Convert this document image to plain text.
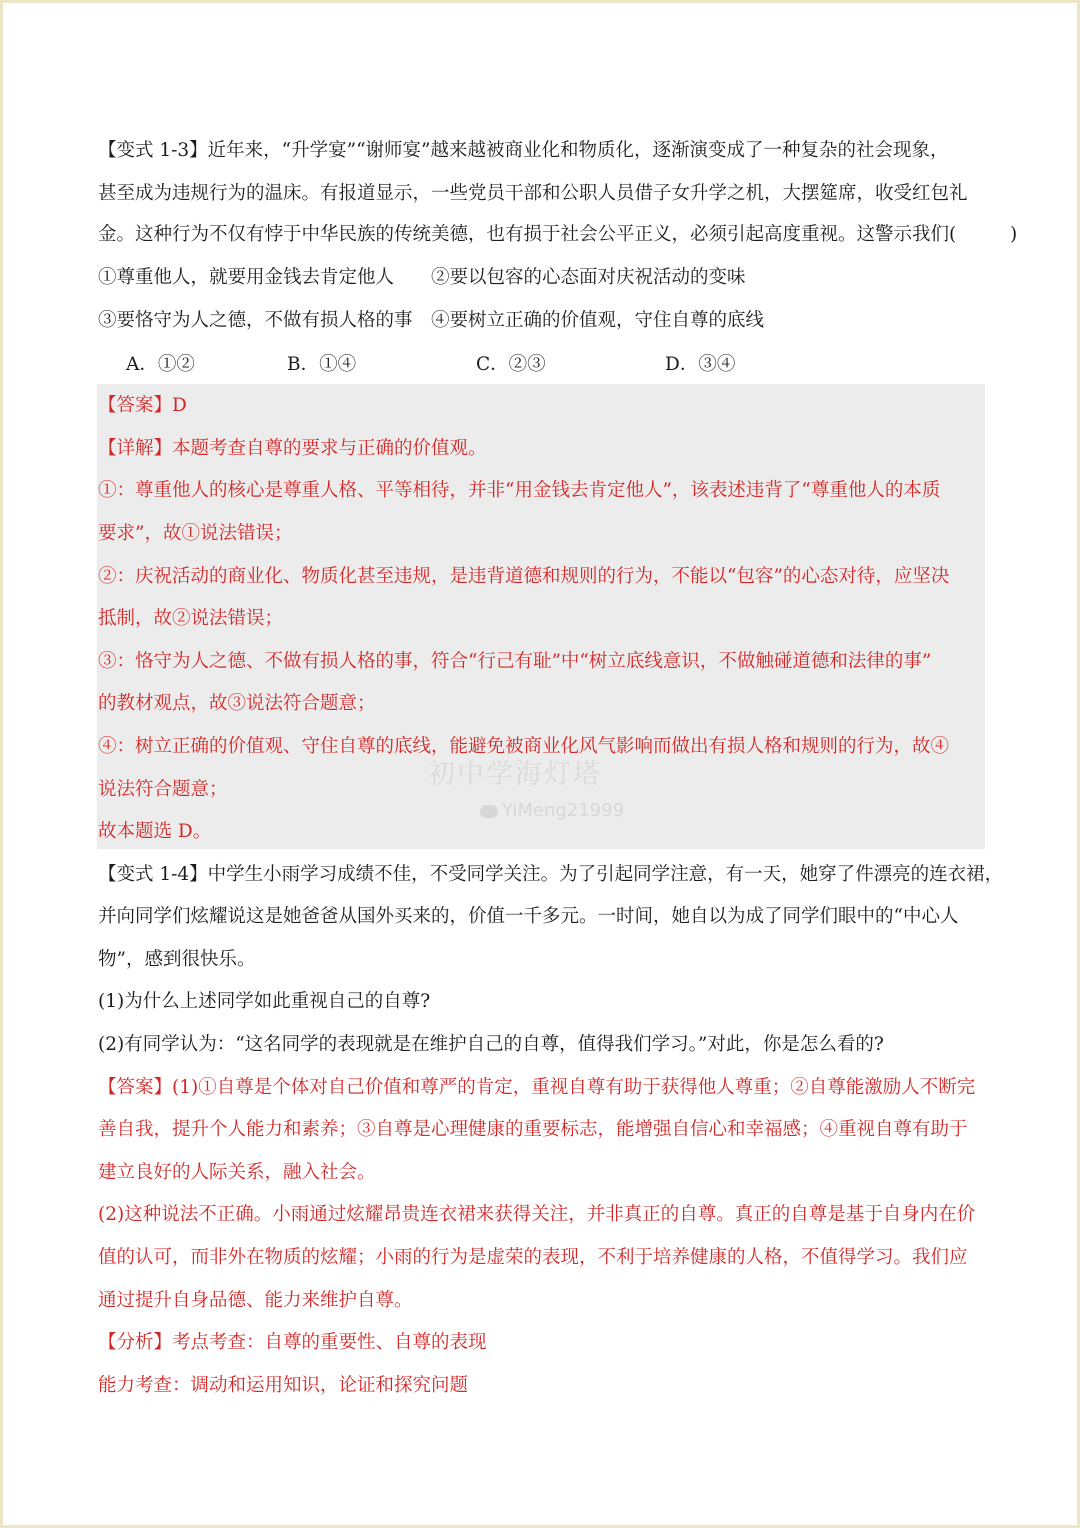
【变式 1-3】近年来，“升学宴”“谢师宴”越来越被商业化和物质化，逐渐演变成了一种复杂的社会现象，
甚至成为违规行为的温床。有报道显示，一些党员干部和公职人员借子女升学之机，大摆筵席，收受红包礼
金。这种行为不仅有悖于中华民族的传统美德，也有损于社会公平正义，必须引起高度重视。这警示我们(	)
①尊重他人，就要用金钱去肯定他人　　②要以包容的心态面对庆祝活动的变味
③要恪守为人之德，不做有损人格的事　④要树立正确的价值观，守住自尊的底线
A．①②	B．①④	C．②③	D．③④
【答案】D
【详解】本题考查自尊的要求与正确的价值观。
①：尊重他人的核心是尊重人格、平等相待，并非“用金钱去肯定他人”，该表述违背了“尊重他人的本质
要求”，故①说法错误；
②：庆祝活动的商业化、物质化甚至违规，是违背道德和规则的行为，不能以“包容”的心态对待，应坚决
抵制，故②说法错误；
③：恪守为人之德、不做有损人格的事，符合“行己有耻”中“树立底线意识，不做触碰道德和法律的事”
的教材观点，故③说法符合题意；
④：树立正确的价值观、守住自尊的底线，能避免被商业化风气影响而做出有损人格和规则的行为，故④
说法符合题意；
故本题选 D。
初中学海灯塔
YiMeng21999
【变式 1-4】中学生小雨学习成绩不佳，不受同学关注。为了引起同学注意，有一天，她穿了件漂亮的连衣裙，
并向同学们炫耀说这是她爸爸从国外买来的，价值一千多元。一时间，她自以为成了同学们眼中的“中心人
物”，感到很快乐。
(1)为什么上述同学如此重视自己的自尊?
(2)有同学认为：“这名同学的表现就是在维护自己的自尊，值得我们学习。”对此，你是怎么看的?
【答案】(1)①自尊是个体对自己价值和尊严的肯定，重视自尊有助于获得他人尊重；②自尊能激励人不断完
善自我，提升个人能力和素养；③自尊是心理健康的重要标志，能增强自信心和幸福感；④重视自尊有助于
建立良好的人际关系，融入社会。
(2)这种说法不正确。小雨通过炫耀昂贵连衣裙来获得关注，并非真正的自尊。真正的自尊是基于自身内在价
值的认可，而非外在物质的炫耀；小雨的行为是虚荣的表现，不利于培养健康的人格，不值得学习。我们应
通过提升自身品德、能力来维护自尊。
【分析】考点考查：自尊的重要性、自尊的表现
能力考查：调动和运用知识，论证和探究问题
